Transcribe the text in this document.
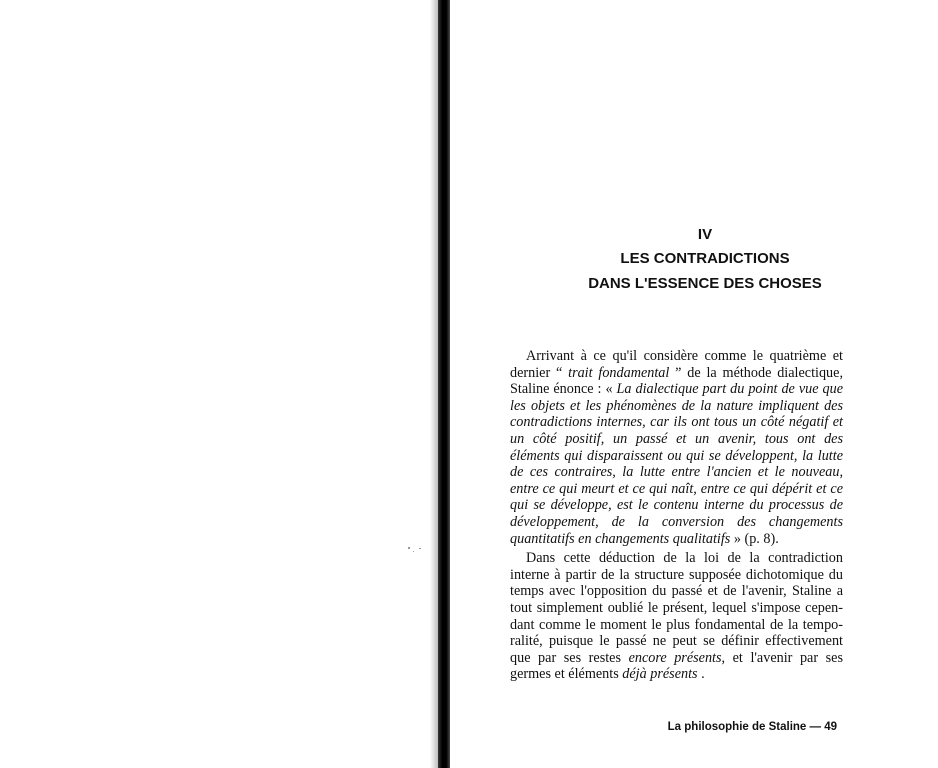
IV
LES CONTRADICTIONS
DANS L'ESSENCE DES CHOSES

Arrivant à ce qu'il considère comme le quatrième et dernier “ trait fondamental ” de la méthode dialectique, Staline énonce : « La dialectique part du point de vue que les objets et les phénomènes de la nature impliquent des contradictions internes, car ils ont tous un côté négatif et un côté positif, un passé et un avenir, tous ont des éléments qui disparaissent ou qui se développent, la lutte de ces contraires, la lutte entre l'ancien et le nouveau, entre ce qui meurt et ce qui naît, entre ce qui dépérit et ce qui se développe, est le contenu interne du processus de développement, de la conversion des changements quantitatifs en changements qualitatifs » (p. 8).

Dans cette déduction de la loi de la contradiction interne à partir de la structure supposée dichotomique du temps avec l'opposition du passé et de l'avenir, Staline a tout simplement oublié le présent, lequel s'impose cependant comme le moment le plus fondamental de la temporalité, puisque le passé ne peut se définir effectivement que par ses restes encore présents, et l'avenir par ses germes et éléments déjà présents .

La philosophie de Staline — 49
